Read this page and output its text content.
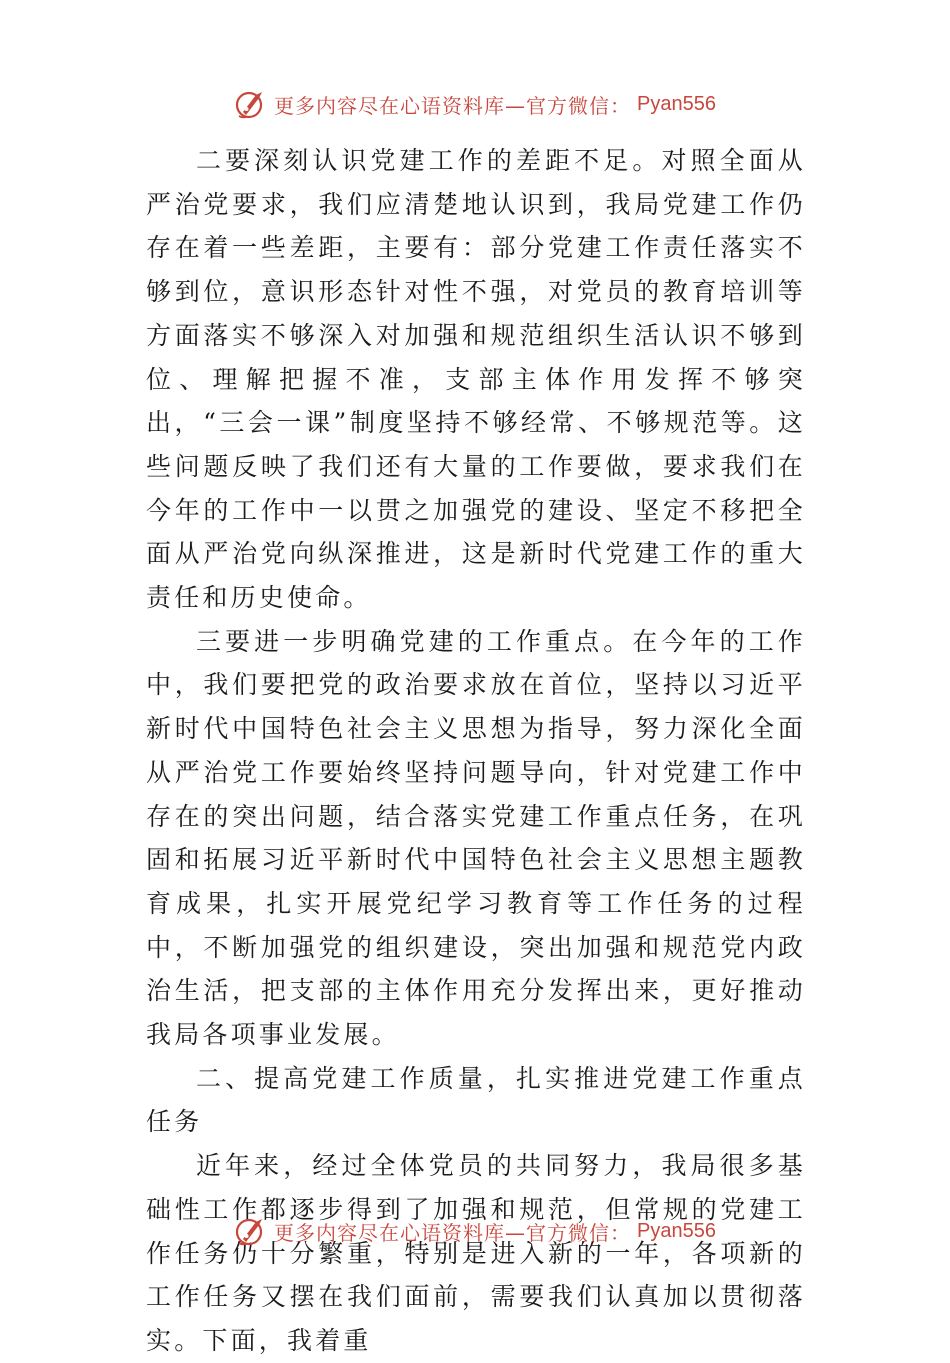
更多内容尽在心语资料库—官方微信： Pyan556

二要深刻认识党建工作的差距不足。对照全面从严治党要求，我们应清楚地认识到，我局党建工作仍存在着一些差距，主要有：部分党建工作责任落实不够到位，意识形态针对性不强，对党员的教育培训等方面落实不够深入对加强和规范组织生活认识不够到位、理解把握不准，支部主体作用发挥不够突出，“三会一课”制度坚持不够经常、不够规范等。这些问题反映了我们还有大量的工作要做，要求我们在今年的工作中一以贯之加强党的建设、坚定不移把全面从严治党向纵深推进，这是新时代党建工作的重大责任和历史使命。

三要进一步明确党建的工作重点。在今年的工作中，我们要把党的政治要求放在首位，坚持以习近平新时代中国特色社会主义思想为指导，努力深化全面从严治党工作要始终坚持问题导向，针对党建工作中存在的突出问题，结合落实党建工作重点任务，在巩固和拓展习近平新时代中国特色社会主义思想主题教育成果，扎实开展党纪学习教育等工作任务的过程中，不断加强党的组织建设，突出加强和规范党内政治生活，把支部的主体作用充分发挥出来，更好推动我局各项事业发展。

二、提高党建工作质量，扎实推进党建工作重点任务

近年来，经过全体党员的共同努力，我局很多基础性工作都逐步得到了加强和规范，但常规的党建工作任务仍十分繁重，特别是进入新的一年，各项新的工作任务又摆在我们面前，需要我们认真加以贯彻落实。下面，我着重

更多内容尽在心语资料库—官方微信： Pyan556
